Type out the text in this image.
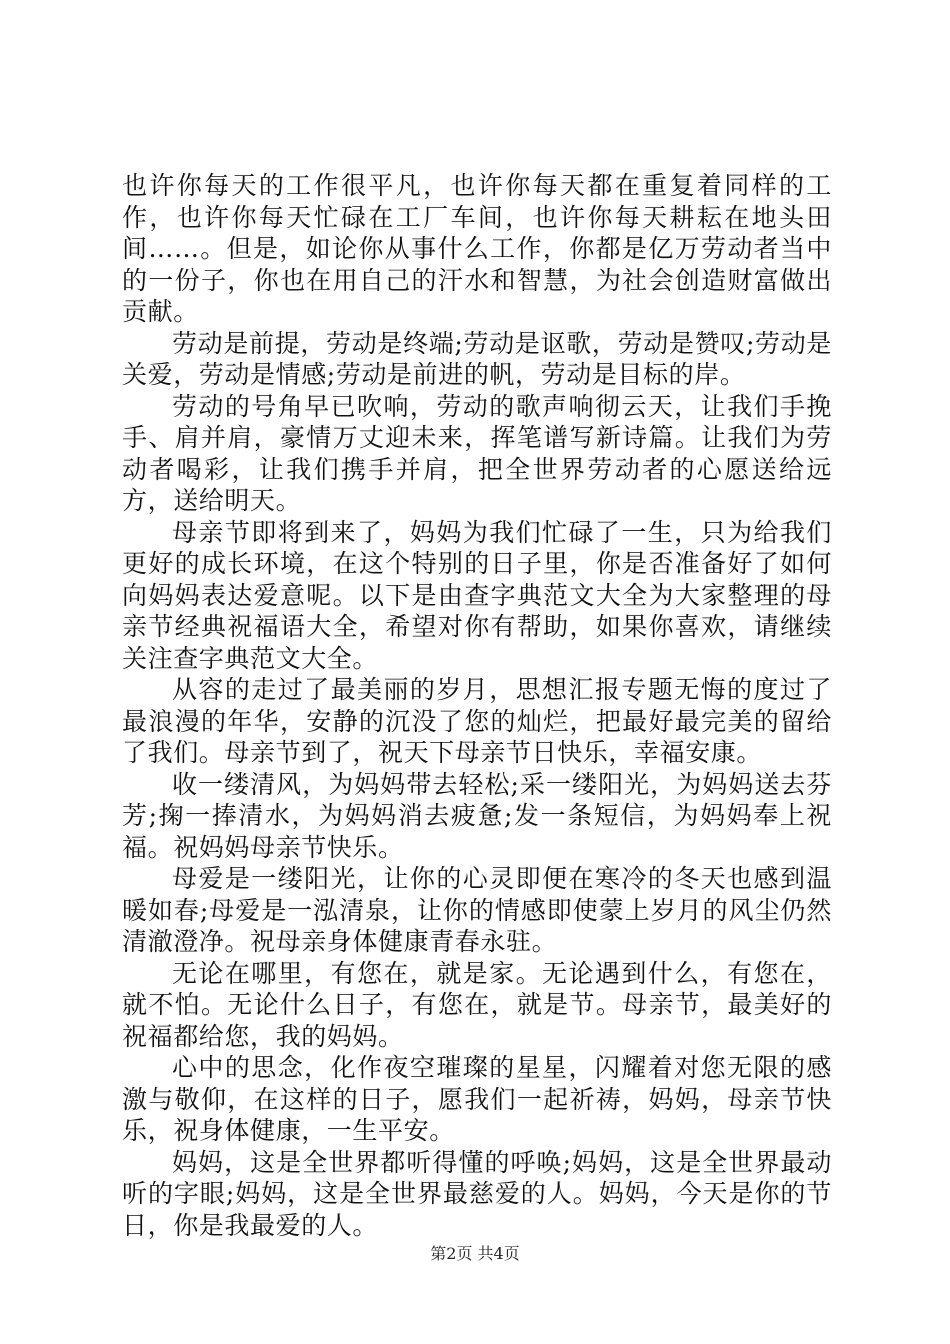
也许你每天的工作很平凡，也许你每天都在重复着同样的工作，也许你每天忙碌在工厂车间，也许你每天耕耘在地头田间……。但是，如论你从事什么工作，你都是亿万劳动者当中的一份子，你也在用自己的汗水和智慧，为社会创造财富做出贡献。

劳动是前提，劳动是终端;劳动是讴歌，劳动是赞叹;劳动是关爱，劳动是情感;劳动是前进的帆，劳动是目标的岸。

劳动的号角早已吹响，劳动的歌声响彻云天，让我们手挽手、肩并肩，豪情万丈迎未来，挥笔谱写新诗篇。让我们为劳动者喝彩，让我们携手并肩，把全世界劳动者的心愿送给远方，送给明天。

母亲节即将到来了，妈妈为我们忙碌了一生，只为给我们更好的成长环境，在这个特别的日子里，你是否准备好了如何向妈妈表达爱意呢。以下是由查字典范文大全为大家整理的母亲节经典祝福语大全，希望对你有帮助，如果你喜欢，请继续关注查字典范文大全。

从容的走过了最美丽的岁月，思想汇报专题无悔的度过了最浪漫的年华，安静的沉没了您的灿烂，把最好最完美的留给了我们。母亲节到了，祝天下母亲节日快乐，幸福安康。

收一缕清风，为妈妈带去轻松;采一缕阳光，为妈妈送去芬芳;掬一捧清水，为妈妈消去疲惫;发一条短信，为妈妈奉上祝福。祝妈妈母亲节快乐。

母爱是一缕阳光，让你的心灵即便在寒冷的冬天也感到温暖如春;母爱是一泓清泉，让你的情感即使蒙上岁月的风尘仍然清澈澄净。祝母亲身体健康青春永驻。

无论在哪里，有您在，就是家。无论遇到什么，有您在，就不怕。无论什么日子，有您在，就是节。母亲节，最美好的祝福都给您，我的妈妈。

心中的思念，化作夜空璀璨的星星，闪耀着对您无限的感激与敬仰，在这样的日子，愿我们一起祈祷，妈妈，母亲节快乐，祝身体健康，一生平安。

妈妈，这是全世界都听得懂的呼唤;妈妈，这是全世界最动听的字眼;妈妈，这是全世界最慈爱的人。妈妈，今天是你的节日，你是我最爱的人。

第2页 共4页
